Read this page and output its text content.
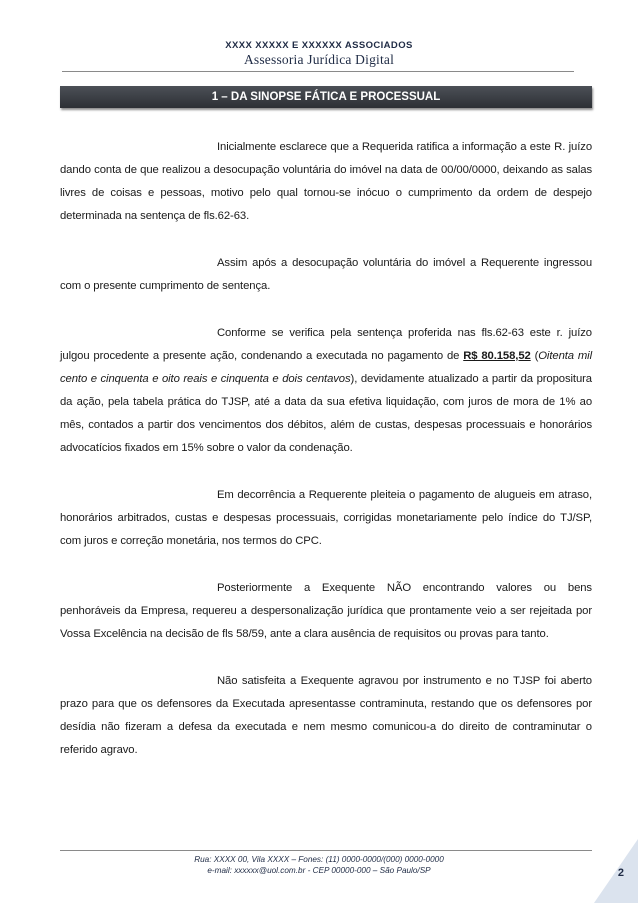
XXXX XXXXX E XXXXXX ASSOCIADOS
Assessoria Jurídica Digital
1 – DA SINOPSE FÁTICA E PROCESSUAL

Inicialmente esclarece que a Requerida ratifica a informação a este R. juízo dando conta de que realizou a desocupação voluntária do imóvel na data de 00/00/0000, deixando as salas livres de coisas e pessoas, motivo pelo qual tornou-se inócuo o cumprimento da ordem de despejo determinada na sentença de fls.62-63.

Assim após a desocupação voluntária do imóvel a Requerente ingressou com o presente cumprimento de sentença.

Conforme se verifica pela sentença proferida nas fls.62-63 este r. juízo julgou procedente a presente ação, condenando a executada no pagamento de R$ 80.158,52 (Oitenta mil cento e cinquenta e oito reais e cinquenta e dois centavos), devidamente atualizado a partir da propositura da ação, pela tabela prática do TJSP, até a data da sua efetiva liquidação, com juros de mora de 1% ao mês, contados a partir dos vencimentos dos débitos, além de custas, despesas processuais e honorários advocatícios fixados em 15% sobre o valor da condenação.

Em decorrência a Requerente pleiteia o pagamento de alugueis em atraso, honorários arbitrados, custas e despesas processuais, corrigidas monetariamente pelo índice do TJ/SP, com juros e correção monetária, nos termos do CPC.

Posteriormente a Exequente NÃO encontrando valores ou bens penhoráveis da Empresa, requereu a despersonalização jurídica que prontamente veio a ser rejeitada por Vossa Excelência na decisão de fls 58/59, ante a clara ausência de requisitos ou provas para tanto.

Não satisfeita a Exequente agravou por instrumento e no TJSP foi aberto prazo para que os defensores da Executada apresentasse contraminuta, restando que os defensores por desídia não fizeram a defesa da executada e nem mesmo comunicou-a do direito de contraminutar o referido agravo.

Rua: XXXX 00, Vila XXXX – Fones: (11) 0000-0000/(000) 0000-0000
e-mail: xxxxxx@uol.com.br - CEP 00000-000 – São Paulo/SP	2
